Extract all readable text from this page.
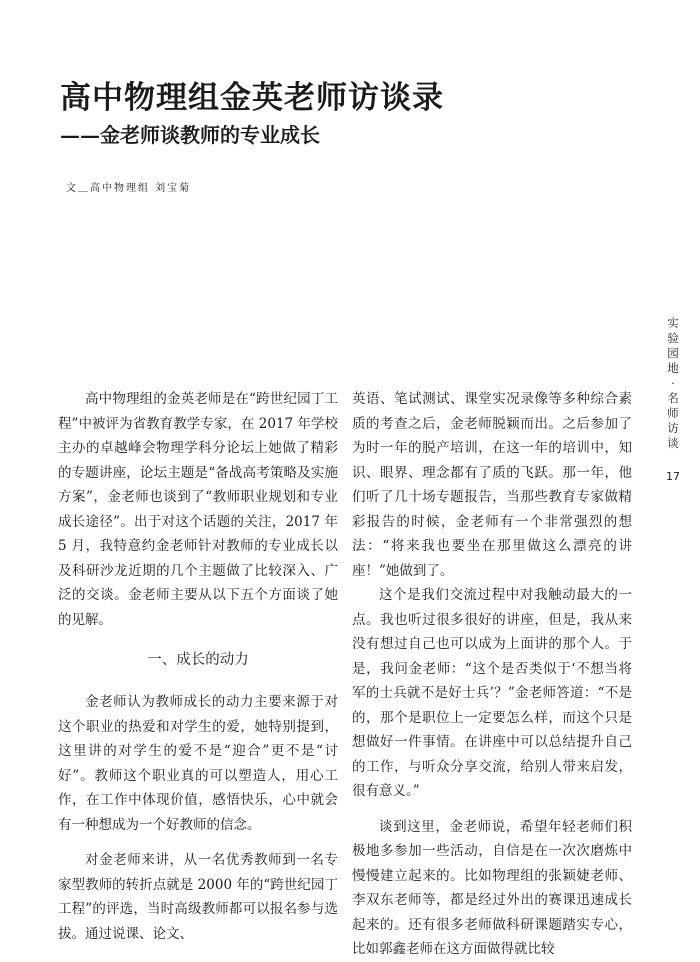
高中物理组金英老师访谈录
——金老师谈教师的专业成长
文＿高中物理组 刘宝菊
实
验
园
地
·
名
师
访
谈
17

高中物理组的金英老师是在“跨世纪园丁工程”中被评为省教育教学专家，在 2017 年学校主办的卓越峰会物理学科分论坛上她做了精彩的专题讲座，论坛主题是“备战高考策略及实施方案”，金老师也谈到了“教师职业规划和专业成长途径”。出于对这个话题的关注，2017 年 5 月，我特意约金老师针对教师的专业成长以及科研沙龙近期的几个主题做了比较深入、广泛的交谈。金老师主要从以下五个方面谈了她的见解。

一、成长的动力

金老师认为教师成长的动力主要来源于对这个职业的热爱和对学生的爱，她特别提到，这里讲的对学生的爱不是“迎合”更不是“讨好”。教师这个职业真的可以塑造人，用心工作，在工作中体现价值，感悟快乐，心中就会有一种想成为一个好教师的信念。

对金老师来讲，从一名优秀教师到一名专家型教师的转折点就是 2000 年的“跨世纪园丁工程”的评选，当时高级教师都可以报名参与选拔。通过说课、论文、

英语、笔试测试、课堂实况录像等多种综合素质的考查之后，金老师脱颖而出。之后参加了为时一年的脱产培训，在这一年的培训中，知识、眼界、理念都有了质的飞跃。那一年，他们听了几十场专题报告，当那些教育专家做精彩报告的时候，金老师有一个非常强烈的想法：“将来我也要坐在那里做这么漂亮的讲座！”她做到了。

这个是我们交流过程中对我触动最大的一点。我也听过很多很好的讲座，但是，我从来没有想过自己也可以成为上面讲的那个人。于是，我问金老师：“这个是否类似于‘不想当将军的士兵就不是好士兵’？”金老师答道：“不是的，那个是职位上一定要怎么样，而这个只是想做好一件事情。在讲座中可以总结提升自己的工作，与听众分享交流，给别人带来启发，很有意义。”

谈到这里，金老师说，希望年轻老师们积极地多参加一些活动，自信是在一次次磨炼中慢慢建立起来的。比如物理组的张颖婕老师、李双东老师等，都是经过外出的赛课迅速成长起来的。还有很多老师做科研课题踏实专心，比如郭鑫老师在这方面做得就比较
